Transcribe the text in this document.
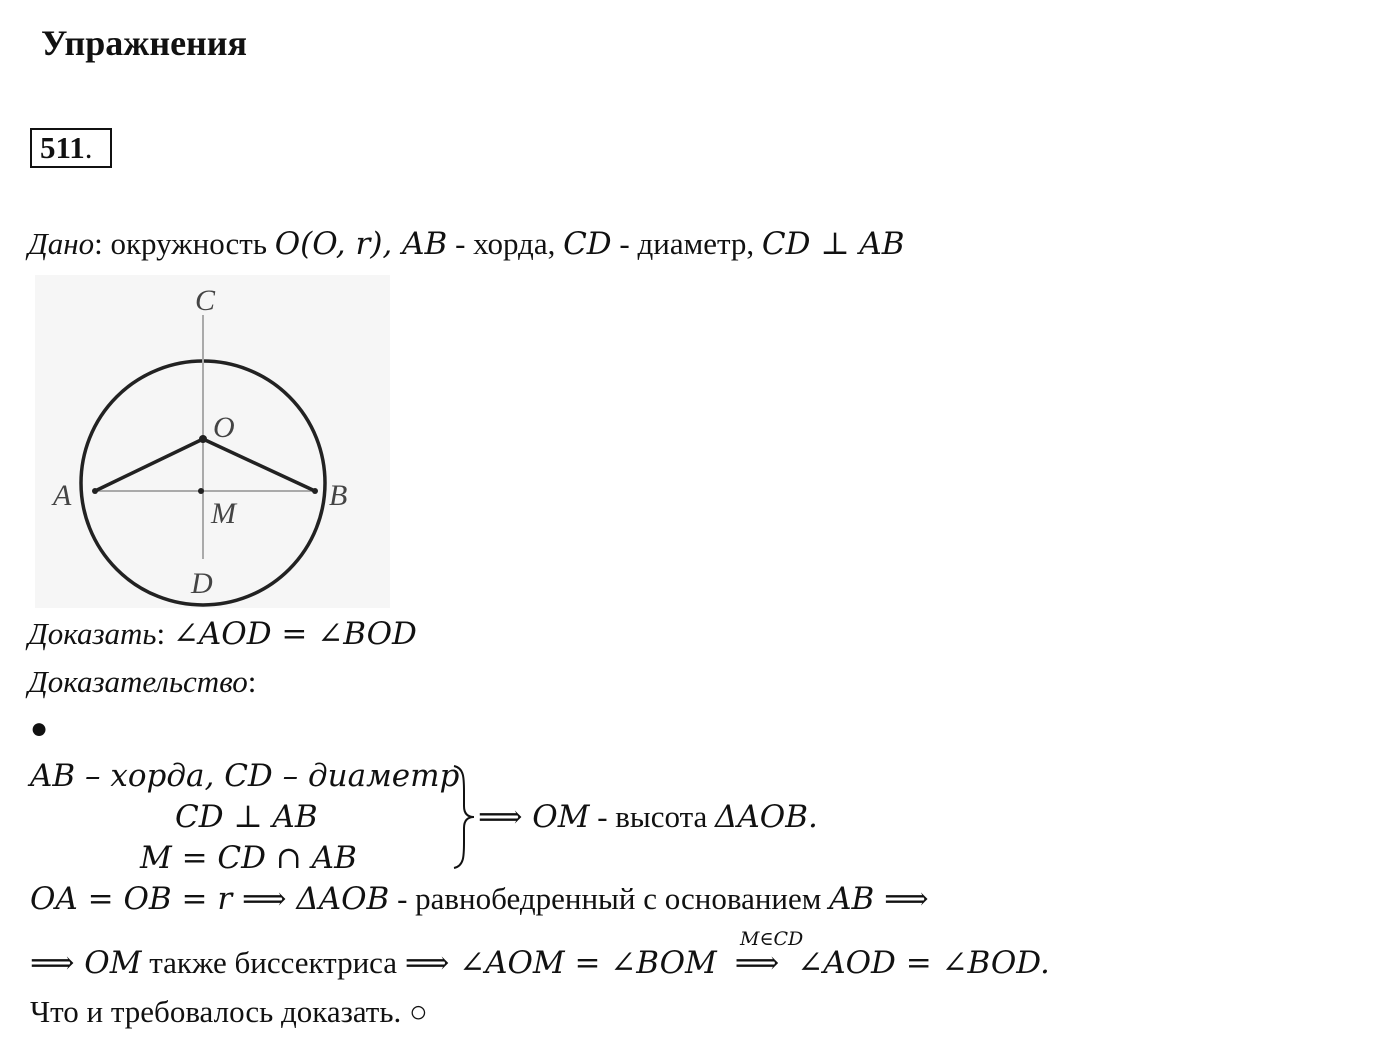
Упражнения
511.
Дано: окружность O(O, r), AB - хорда, CD - диаметр, CD ⊥ AB
C
O
A	B
M
D
Доказать: ∠AOD = ∠BOD
Доказательство:
●
AB – хорда, CD – диаметр
CD ⊥ AB
M = CD ∩ AB
⟹ OM - высота ΔAOB.
OA = OB = r ⟹ ΔAOB - равнобедренный с основанием AB ⟹
M∈CD
⟹ OM также биссектриса ⟹ ∠AOM = ∠BOM ⟹ ∠AOD = ∠BOD.
Что и требовалось доказать. ○
